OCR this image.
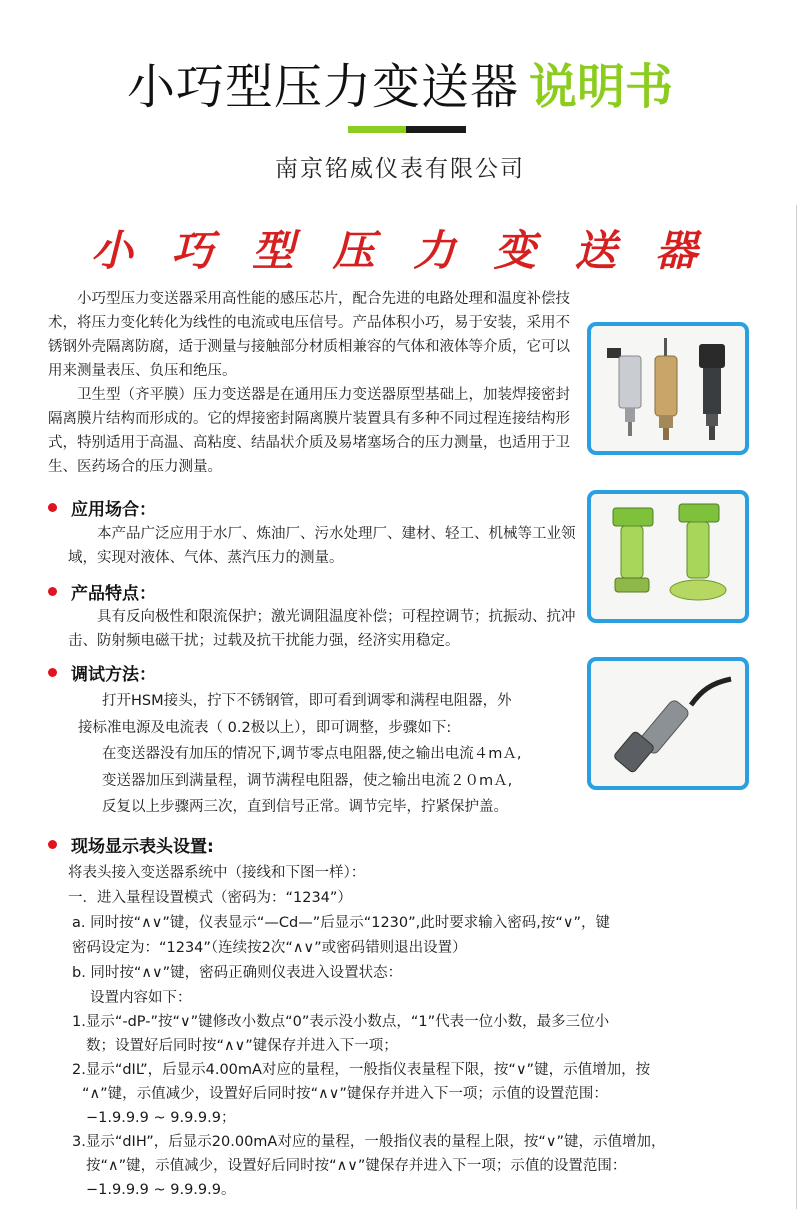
小巧型压力变送器 说明书
南京铭威仪表有限公司
小 巧 型 压 力 变 送 器

小巧型压力变送器采用高性能的感压芯片，配合先进的电路处理和温度补偿技术，将压力变化转化为线性的电流或电压信号。产品体积小巧，易于安装，采用不锈钢外壳隔离防腐，适于测量与接触部分材质相兼容的气体和液体等介质，它可以用来测量表压、负压和绝压。

卫生型（齐平膜）压力变送器是在通用压力变送器原型基础上，加装焊接密封隔离膜片结构而形成的。它的焊接密封隔离膜片装置具有多种不同过程连接结构形式，特别适用于高温、高粘度、结晶状介质及易堵塞场合的压力测量，也适用于卫生、医药场合的压力测量。

应用场合：

本产品广泛应用于水厂、炼油厂、污水处理厂、建材、轻工、机械等工业领域，实现对液体、气体、蒸汽压力的测量。

产品特点：

具有反向极性和限流保护；激光调阻温度补偿；可程控调节；抗振动、抗冲击、防射频电磁干扰；过载及抗干扰能力强，经济实用稳定。

调试方法：
打开HSM接头，拧下不锈钢管，即可看到调零和满程电阻器，外
接标准电源及电流表（ 0.2极以上），即可调整，步骤如下:
在变送器没有加压的情况下,调节零点电阻器,使之输出电流４mＡ,
变送器加压到满量程，调节满程电阻器，使之输出电流２０mＡ,
反复以上步骤两三次，直到信号正常。调节完毕，拧紧保护盖。
现场显示表头设置:
将表头接入变送器系统中（接线和下图一样）：
一．进入量程设置模式（密码为：“1234”）
a. 同时按“∧∨”键，仪表显示“—Cd—”后显示“1230”,此时要求输入密码,按“∨”，键
密码设定为：“1234”（连续按2次“∧∨”或密码错则退出设置）
b. 同时按“∧∨”键，密码正确则仪表进入设置状态：
设置内容如下：
1.显示“-dP-”按“∨”键修改小数点“0”表示没小数点，“1”代表一位小数，最多三位小
数；设置好后同时按“∧∨”键保存并进入下一项；
2.显示“dIL”，后显示4.00mA对应的量程，一般指仪表量程下限，按“∨”键，示值增加，按
“∧”键，示值减少，设置好后同时按“∧∨”键保存并进入下一项；示值的设置范围：
−1.9.9.9 ~ 9.9.9.9；
3.显示“dIH”，后显示20.00mA对应的量程，一般指仪表的量程上限，按“∨”键，示值增加，
按“∧”键，示值减少，设置好后同时按“∧∨”键保存并进入下一项；示值的设置范围：
−1.9.9.9 ~ 9.9.9.9。
